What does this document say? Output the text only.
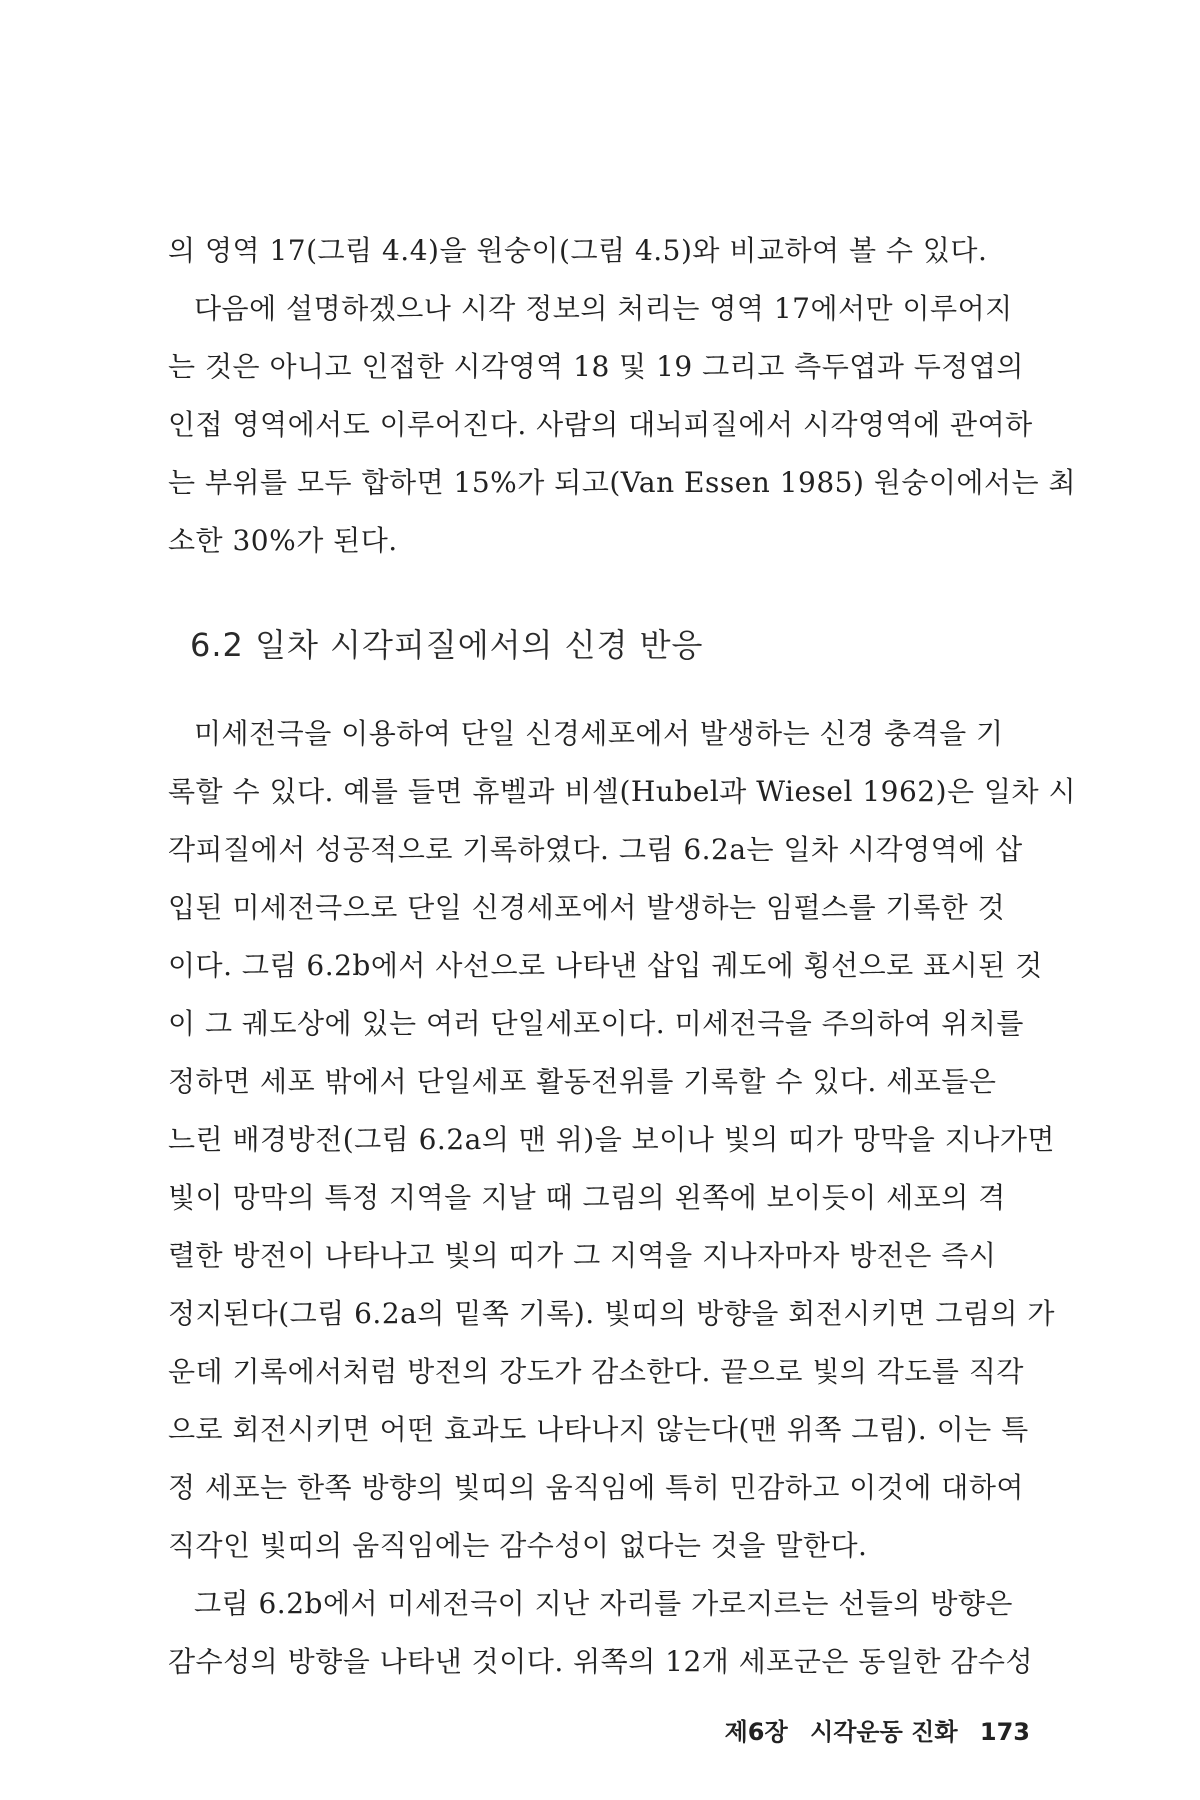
의 영역 17(그림 4.4)을 원숭이(그림 4.5)와 비교하여 볼 수 있다.
다음에 설명하겠으나 시각 정보의 처리는 영역 17에서만 이루어지
는 것은 아니고 인접한 시각영역 18 및 19 그리고 측두엽과 두정엽의
인접 영역에서도 이루어진다. 사람의 대뇌피질에서 시각영역에 관여하
는 부위를 모두 합하면 15%가 되고(Van Essen 1985) 원숭이에서는 최
소한 30%가 된다.
6.2 일차 시각피질에서의 신경 반응
미세전극을 이용하여 단일 신경세포에서 발생하는 신경 충격을 기
록할 수 있다. 예를 들면 휴벨과 비셀(Hubel과 Wiesel 1962)은 일차 시
각피질에서 성공적으로 기록하였다. 그림 6.2a는 일차 시각영역에 삽
입된 미세전극으로 단일 신경세포에서 발생하는 임펄스를 기록한 것
이다. 그림 6.2b에서 사선으로 나타낸 삽입 궤도에 횡선으로 표시된 것
이 그 궤도상에 있는 여러 단일세포이다. 미세전극을 주의하여 위치를
정하면 세포 밖에서 단일세포 활동전위를 기록할 수 있다. 세포들은
느린 배경방전(그림 6.2a의 맨 위)을 보이나 빛의 띠가 망막을 지나가면
빛이 망막의 특정 지역을 지날 때 그림의 왼쪽에 보이듯이 세포의 격
렬한 방전이 나타나고 빛의 띠가 그 지역을 지나자마자 방전은 즉시
정지된다(그림 6.2a의 밑쪽 기록). 빛띠의 방향을 회전시키면 그림의 가
운데 기록에서처럼 방전의 강도가 감소한다. 끝으로 빛의 각도를 직각
으로 회전시키면 어떤 효과도 나타나지 않는다(맨 위쪽 그림). 이는 특
정 세포는 한쪽 방향의 빛띠의 움직임에 특히 민감하고 이것에 대하여
직각인 빛띠의 움직임에는 감수성이 없다는 것을 말한다.
그림 6.2b에서 미세전극이 지난 자리를 가로지르는 선들의 방향은
감수성의 방향을 나타낸 것이다. 위쪽의 12개 세포군은 동일한 감수성
제6장 시각운동 진화 173
